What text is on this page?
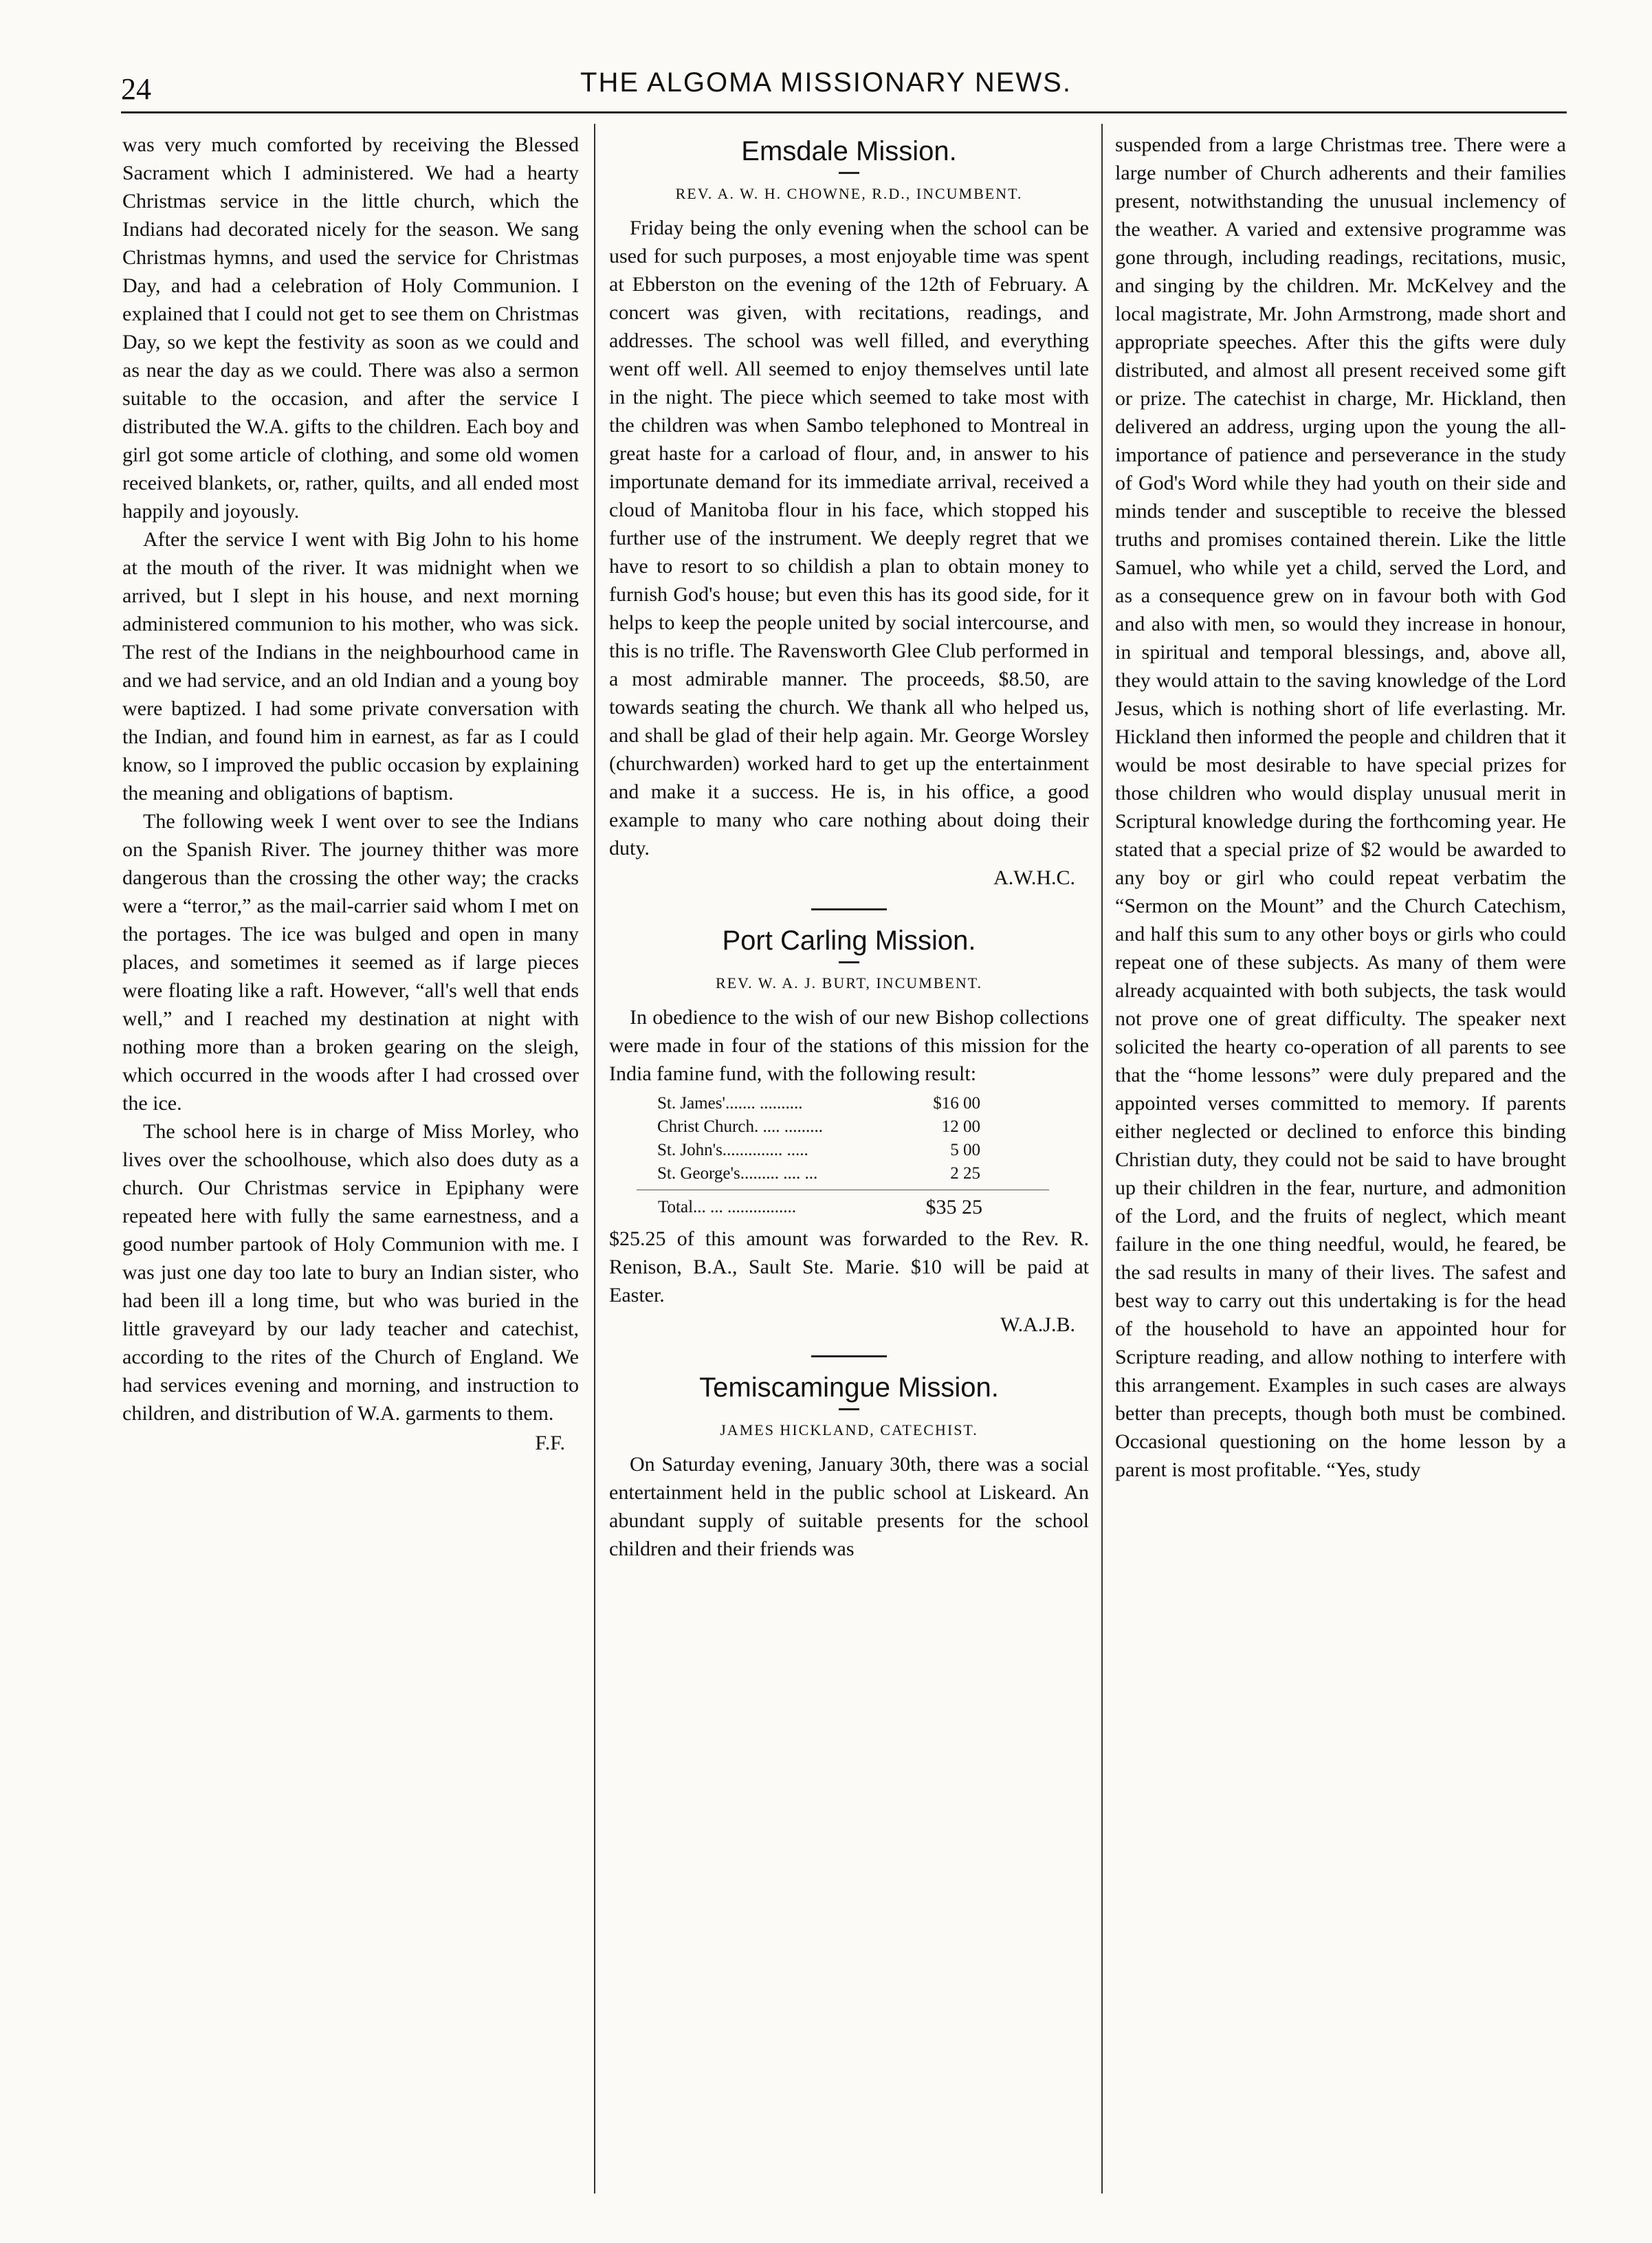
24	THE ALGOMA MISSIONARY NEWS.

was very much comforted by receiving the Blessed Sacrament which I administered. We had a hearty Christmas service in the little church, which the Indians had decorated nicely for the season. We sang Christmas hymns, and used the service for Christmas Day, and had a celebration of Holy Communion. I explained that I could not get to see them on Christmas Day, so we kept the festivity as soon as we could and as near the day as we could. There was also a sermon suitable to the occasion, and after the service I distributed the W.A. gifts to the children. Each boy and girl got some article of clothing, and some old women received blankets, or, rather, quilts, and all ended most happily and joyously.

After the service I went with Big John to his home at the mouth of the river. It was midnight when we arrived, but I slept in his house, and next morning administered communion to his mother, who was sick. The rest of the Indians in the neighbourhood came in and we had service, and an old Indian and a young boy were baptized. I had some private conversation with the Indian, and found him in earnest, as far as I could know, so I improved the public occasion by explaining the meaning and obligations of baptism.

The following week I went over to see the Indians on the Spanish River. The journey thither was more dangerous than the crossing the other way; the cracks were a “terror,” as the mail-carrier said whom I met on the portages. The ice was bulged and open in many places, and sometimes it seemed as if large pieces were floating like a raft. However, “all's well that ends well,” and I reached my destination at night with nothing more than a broken gearing on the sleigh, which occurred in the woods after I had crossed over the ice.

The school here is in charge of Miss Morley, who lives over the schoolhouse, which also does duty as a church. Our Christmas service in Epiphany were repeated here with fully the same earnestness, and a good number partook of Holy Communion with me. I was just one day too late to bury an Indian sister, who had been ill a long time, but who was buried in the little graveyard by our lady teacher and catechist, according to the rites of the Church of England. We had services evening and morning, and instruction to children, and distribution of W.A. garments to them.

F.F.
Emsdale Mission.
REV. A. W. H. CHOWNE, R.D., INCUMBENT.

Friday being the only evening when the school can be used for such purposes, a most enjoyable time was spent at Ebberston on the evening of the 12th of February. A concert was given, with recitations, readings, and addresses. The school was well filled, and everything went off well. All seemed to enjoy themselves until late in the night. The piece which seemed to take most with the children was when Sambo telephoned to Montreal in great haste for a carload of flour, and, in answer to his importunate demand for its immediate arrival, received a cloud of Manitoba flour in his face, which stopped his further use of the instrument. We deeply regret that we have to resort to so childish a plan to obtain money to furnish God's house; but even this has its good side, for it helps to keep the people united by social intercourse, and this is no trifle. The Ravensworth Glee Club performed in a most admirable manner. The proceeds, $8.50, are towards seating the church. We thank all who helped us, and shall be glad of their help again. Mr. George Worsley (churchwarden) worked hard to get up the entertainment and make it a success. He is, in his office, a good example to many who care nothing about doing their duty.

A.W.H.C.
Port Carling Mission.
REV. W. A. J. BURT, INCUMBENT.

In obedience to the wish of our new Bishop collections were made in four of the stations of this mission for the India famine fund, with the following result:

St. James'....... ..........	$16 00
Christ Church. .... .........	12 00
St. John's.............. .....	5 00
St. George's......... .... ...	2 25
Total... ... ................	$35 25

$25.25 of this amount was forwarded to the Rev. R. Renison, B.A., Sault Ste. Marie. $10 will be paid at Easter.

W.A.J.B.
Temiscamingue Mission.
JAMES HICKLAND, CATECHIST.

On Saturday evening, January 30th, there was a social entertainment held in the public school at Liskeard. An abundant supply of suitable presents for the school children and their friends was

suspended from a large Christmas tree. There were a large number of Church adherents and their families present, notwithstanding the unusual inclemency of the weather. A varied and extensive programme was gone through, including readings, recitations, music, and singing by the children. Mr. McKelvey and the local magistrate, Mr. John Armstrong, made short and appropriate speeches. After this the gifts were duly distributed, and almost all present received some gift or prize. The catechist in charge, Mr. Hickland, then delivered an address, urging upon the young the all-importance of patience and perseverance in the study of God's Word while they had youth on their side and minds tender and susceptible to receive the blessed truths and promises contained therein. Like the little Samuel, who while yet a child, served the Lord, and as a consequence grew on in favour both with God and also with men, so would they increase in honour, in spiritual and temporal blessings, and, above all, they would attain to the saving knowledge of the Lord Jesus, which is nothing short of life everlasting. Mr. Hickland then informed the people and children that it would be most desirable to have special prizes for those children who would display unusual merit in Scriptural knowledge during the forthcoming year. He stated that a special prize of $2 would be awarded to any boy or girl who could repeat verbatim the “Sermon on the Mount” and the Church Catechism, and half this sum to any other boys or girls who could repeat one of these subjects. As many of them were already acquainted with both subjects, the task would not prove one of great difficulty. The speaker next solicited the hearty co-operation of all parents to see that the “home lessons” were duly prepared and the appointed verses committed to memory. If parents either neglected or declined to enforce this binding Christian duty, they could not be said to have brought up their children in the fear, nurture, and admonition of the Lord, and the fruits of neglect, which meant failure in the one thing needful, would, he feared, be the sad results in many of their lives. The safest and best way to carry out this undertaking is for the head of the household to have an appointed hour for Scripture reading, and allow nothing to interfere with this arrangement. Examples in such cases are always better than precepts, though both must be combined. Occasional questioning on the home lesson by a parent is most profitable. “Yes, study
